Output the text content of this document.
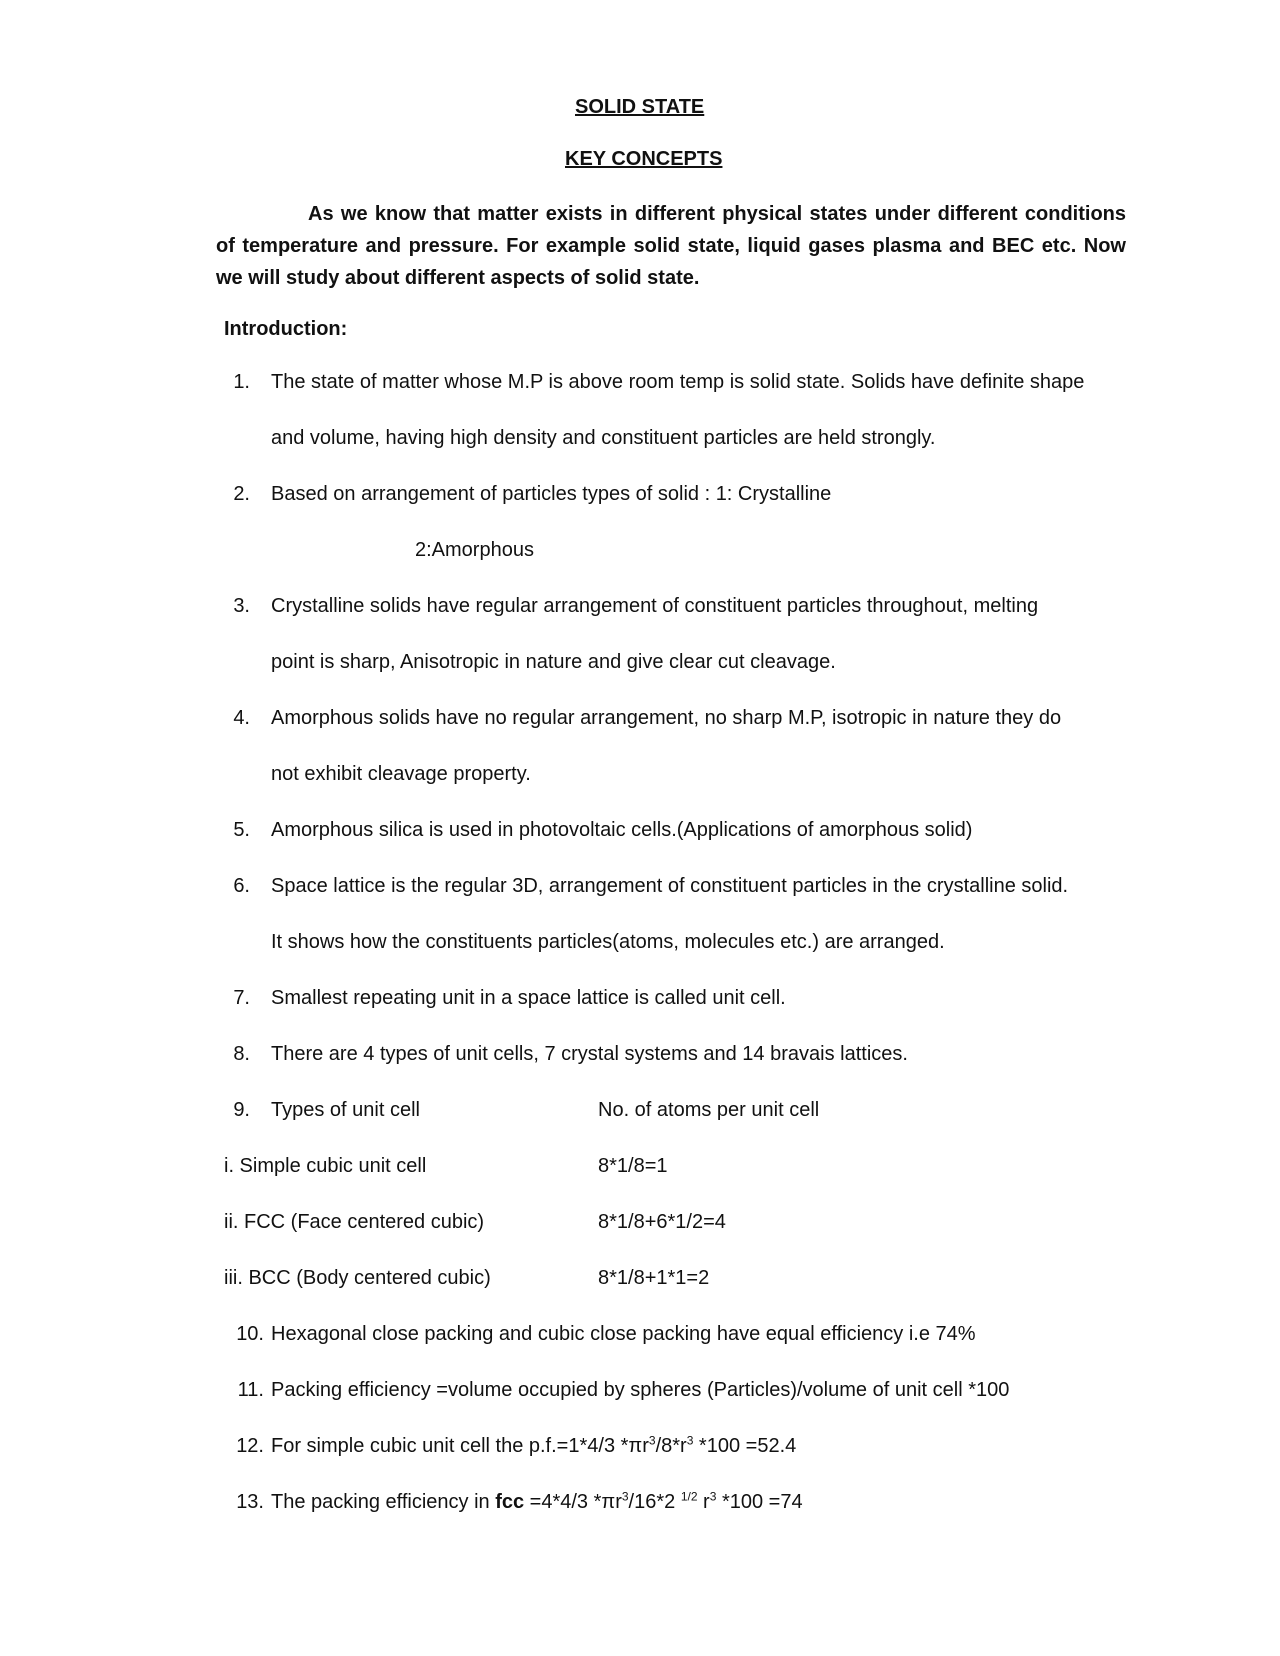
SOLID STATE
KEY CONCEPTS

As we know that matter exists in different physical states under different conditions of temperature and pressure. For example solid state, liquid gases plasma and BEC etc. Now we will study about different aspects of solid state.

Introduction:
1. The state of matter whose M.P is above room temp is solid state. Solids have definite shape
and volume, having high density and constituent particles are held strongly.
2. Based on arrangement of particles types of solid : 1: Crystalline
2:Amorphous
3. Crystalline solids have regular arrangement of constituent particles throughout, melting
point is sharp, Anisotropic in nature and give clear cut cleavage.
4. Amorphous solids have no regular arrangement, no sharp M.P, isotropic in nature they do
not exhibit cleavage property.
5. Amorphous silica is used in photovoltaic cells.(Applications of amorphous solid)
6. Space lattice is the regular 3D, arrangement of constituent particles in the crystalline solid.
It shows how the constituents particles(atoms, molecules etc.) are arranged.
7. Smallest repeating unit in a space lattice is called unit cell.
8. There are 4 types of unit cells, 7 crystal systems and 14 bravais lattices.
9. Types of unit cell	No. of atoms per unit cell
i. Simple cubic unit cell	8*1/8=1
ii. FCC (Face centered cubic)	8*1/8+6*1/2=4
iii. BCC (Body centered cubic)	8*1/8+1*1=2
10. Hexagonal close packing and cubic close packing have equal efficiency i.e 74%
11. Packing efficiency =volume occupied by spheres (Particles)/volume of unit cell *100
12. For simple cubic unit cell the p.f.=1*4/3 $*\pi r^3/8*r^3$ *100 =52.4
13. The packing efficiency in fcc =4*4/3 $*\pi r^3/16*2$ $^{1/2}$ $r^3$ *100 =74
